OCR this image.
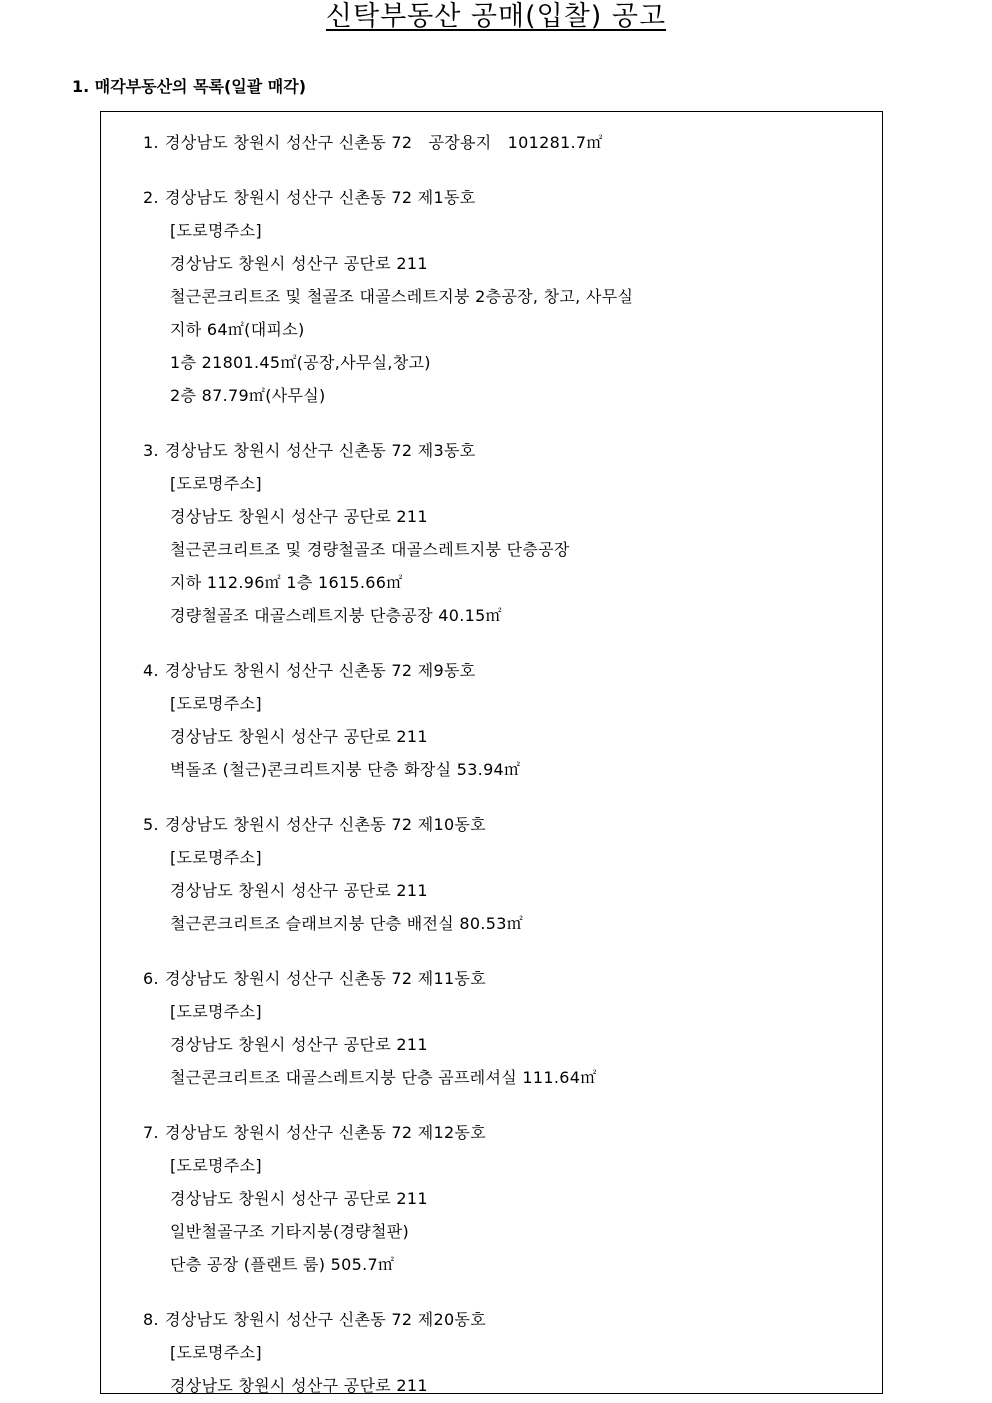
신탁부동산 공매(입찰) 공고
1. 매각부동산의 목록(일괄 매각)
1. 경상남도 창원시 성산구 신촌동 72   공장용지   101281.7㎡
2. 경상남도 창원시 성산구 신촌동 72 제1동호
[도로명주소]
경상남도 창원시 성산구 공단로 211
철근콘크리트조 및 철골조 대골스레트지붕 2층공장, 창고, 사무실
지하 64㎡(대피소)
1층 21801.45㎡(공장,사무실,창고)
2층 87.79㎡(사무실)
3. 경상남도 창원시 성산구 신촌동 72 제3동호
[도로명주소]
경상남도 창원시 성산구 공단로 211
철근콘크리트조 및 경량철골조 대골스레트지붕 단층공장
지하 112.96㎡ 1층 1615.66㎡
경량철골조 대골스레트지붕 단층공장 40.15㎡
4. 경상남도 창원시 성산구 신촌동 72 제9동호
[도로명주소]
경상남도 창원시 성산구 공단로 211
벽돌조 (철근)콘크리트지붕 단층 화장실 53.94㎡
5. 경상남도 창원시 성산구 신촌동 72 제10동호
[도로명주소]
경상남도 창원시 성산구 공단로 211
철근콘크리트조 슬래브지붕 단층 배전실 80.53㎡
6. 경상남도 창원시 성산구 신촌동 72 제11동호
[도로명주소]
경상남도 창원시 성산구 공단로 211
철근콘크리트조 대골스레트지붕 단층 곰프레셔실 111.64㎡
7. 경상남도 창원시 성산구 신촌동 72 제12동호
[도로명주소]
경상남도 창원시 성산구 공단로 211
일반철골구조 기타지붕(경량철판)
단층 공장 (플랜트 룸) 505.7㎡
8. 경상남도 창원시 성산구 신촌동 72 제20동호
[도로명주소]
경상남도 창원시 성산구 공단로 211
